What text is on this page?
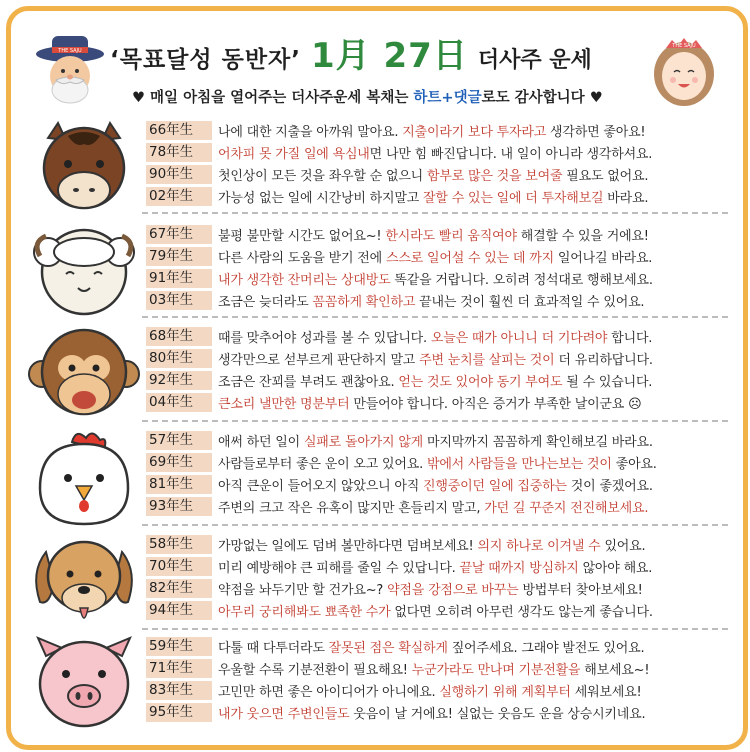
THE SAJU ‘목표달성 동반자’ 1月 27日 더사주 운세
THE SAJU
♥ 매일 아침을 열어주는 더사주운세 복채는 하트+댓글로도 감사합니다 ♥
66年生	나에 대한 지출을 아까워 말아요. 지출이라기 보다 투자라고 생각하면 좋아요!
78年生	어차피 못 가질 일에 욕심내면 나만 힘 빠진답니다. 내 일이 아니라 생각하셔요.
90年生	첫인상이 모든 것을 좌우할 순 없으니 함부로 많은 것을 보여줄 필요도 없어요.
02年生	가능성 없는 일에 시간낭비 하지말고 잘할 수 있는 일에 더 투자해보길 바라요.
67年生	불평 불만할 시간도 없어요~! 한시라도 빨리 움직여야 해결할 수 있을 거에요!
79年生	다른 사람의 도움을 받기 전에 스스로 일어설 수 있는 데 까지 일어나길 바라요.
91年生	내가 생각한 잔머리는 상대방도 똑같을 거랍니다. 오히려 정석대로 행해보세요.
03年生	조금은 늦더라도 꼼꼼하게 확인하고 끝내는 것이 훨씬 더 효과적일 수 있어요.
68年生	때를 맞추어야 성과를 볼 수 있답니다. 오늘은 때가 아니니 더 기다려야 합니다.
80年生	생각만으로 섣부르게 판단하지 말고 주변 눈치를 살피는 것이 더 유리하답니다.
92年生	조금은 잔꾀를 부려도 괜찮아요. 얻는 것도 있어야 동기 부여도 될 수 있습니다.
04年生	큰소리 낼만한 명분부터 만들어야 합니다. 아직은 증거가 부족한 날이군요 ☹
57年生	애써 하던 일이 실패로 돌아가지 않게 마지막까지 꼼꼼하게 확인해보길 바라요.
69年生	사람들로부터 좋은 운이 오고 있어요. 밖에서 사람들을 만나는보는 것이 좋아요.
81年生	아직 큰운이 들어오지 않았으니 아직 진행중이던 일에 집중하는 것이 좋겠어요.
93年生	주변의 크고 작은 유혹이 많지만 흔들리지 말고, 가던 길 꾸준지 전진해보세요.
58年生	가망없는 일에도 덤벼 볼만하다면 덤벼보세요! 의지 하나로 이겨낼 수 있어요.
70年生	미리 예방해야 큰 피해를 줄일 수 있답니다. 끝날 때까지 방심하지 않아야 해요.
82年生	약점을 놔두기만 할 건가요~? 약점을 강점으로 바꾸는 방법부터 찾아보세요!
94年生	아무리 궁리해봐도 뾰족한 수가 없다면 오히려 아무런 생각도 않는게 좋습니다.
59年生	다툴 때 다투더라도 잘못된 점은 확실하게 짚어주세요. 그래야 발전도 있어요.
71年生	우울할 수록 기분전환이 필요해요! 누군가라도 만나며 기분전활을 해보세요~!
83年生	고민만 하면 좋은 아이디어가 아니에요. 실행하기 위해 계획부터 세워보세요!
95年生	내가 웃으면 주변인들도 웃음이 날 거에요! 실없는 웃음도 운을 상승시키네요.
